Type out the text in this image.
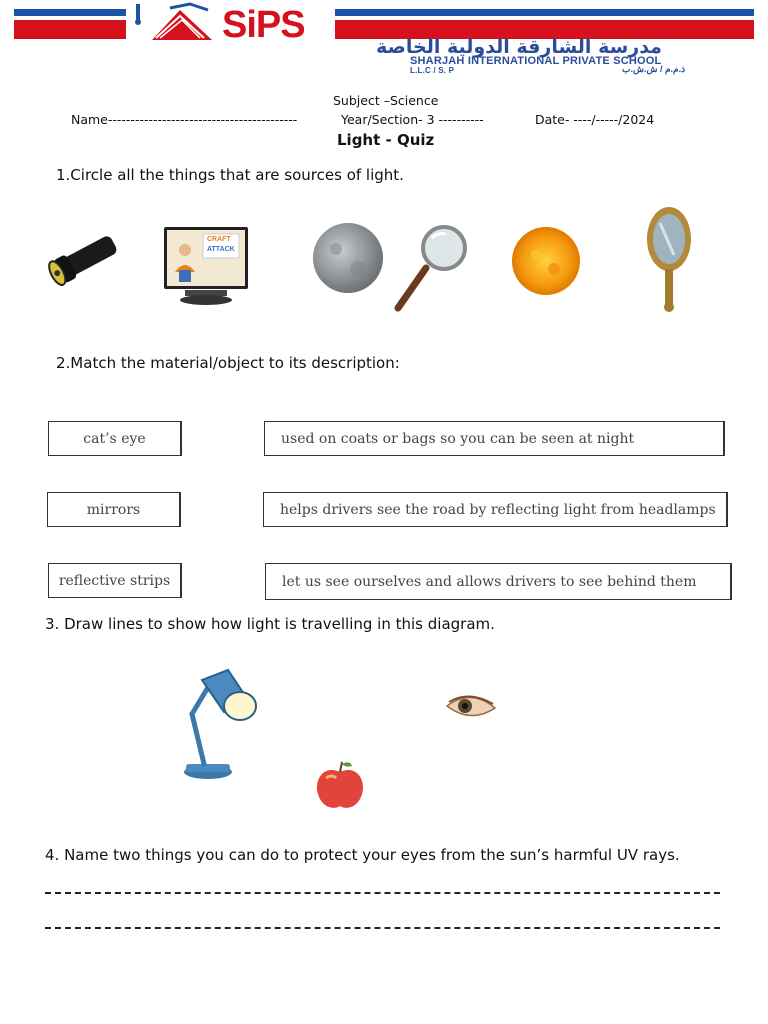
SiPS
مدرسة الشارقة الدولية الخاصة
SHARJAH INTERNATIONAL PRIVATE SCHOOL
L.L.C / S. P	ذ.م.م / ش.ش.ب
Subject –Science
Name------------------------------------------	Year/Section- 3 ----------	Date- ----/-----/2024
Light - Quiz
1.Circle all the things that are sources of light.
CRAFT
ATTACK
2.Match the material/object to its description:
cat’s eye
mirrors
reflective strips
used on coats or bags so you can be seen at night
helps drivers see the road by reflecting light from headlamps
let us see ourselves and allows drivers to see behind them
3. Draw lines to show how light is travelling in this diagram.
4. Name two things you can do to protect your eyes from the sun’s harmful UV rays.
